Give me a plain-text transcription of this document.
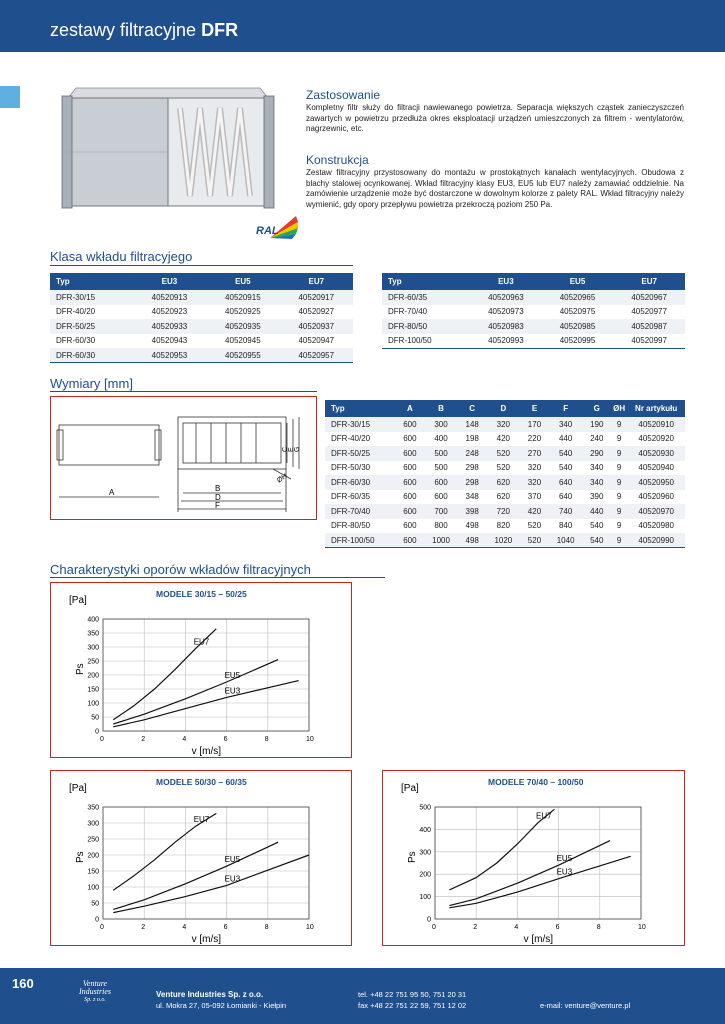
zestawy filtracyjne DFR
RAL
Zastosowanie
Kompletny filtr służy do filtracji nawiewanego powietrza. Separacja większych cząstek zanieczyszczeń zawartych w powietrzu przedłuża okres eksploatacji urządzeń umieszczonych za filtrem - wentylatorów, nagrzewnic, etc.
Konstrukcja
Zestaw filtracyjny przystosowany do montażu w prostokątnych kanałach wentylacyjnych. Obudowa z blachy stalowej ocynkowanej. Wkład filtracyjny klasy EU3, EU5 lub EU7 należy zamawiać oddzielnie. Na zamówienie urządzenie może być dostarczone w dowolnym kolorze z palety RAL. Wkład filtracyjny należy wymienić, gdy opory przepływu powietrza przekroczą poziom 250 Pa.
Klasa wkładu filtracyjego
Typ	EU3	EU5	EU7
DFR-30/15	40520913	40520915	40520917
DFR-40/20	40520923	40520925	40520927
DFR-50/25	40520933	40520935	40520937
DFR-60/30	40520943	40520945	40520947
DFR-60/30	40520953	40520955	40520957
Typ	EU3	EU5	EU7
DFR-60/35	40520963	40520965	40520967
DFR-70/40	40520973	40520975	40520977
DFR-80/50	40520983	40520985	40520987
DFR-100/50	40520993	40520995	40520997
Wymiary [mm]
A	B
D
F
C E G
ØH
Typ	A	B	C	D	E	F	G	ØH	Nr artykułu
DFR-30/15	600	300	148	320	170	340	190	9	40520910
DFR-40/20	600	400	198	420	220	440	240	9	40520920
DFR-50/25	600	500	248	520	270	540	290	9	40520930
DFR-50/30	600	500	298	520	320	540	340	9	40520940
DFR-60/30	600	600	298	620	320	640	340	9	40520950
DFR-60/35	600	600	348	620	370	640	390	9	40520960
DFR-70/40	600	700	398	720	420	740	440	9	40520970
DFR-80/50	600	800	498	820	520	840	540	9	40520980
DFR-100/50	600	1000	498	1020	520	1040	540	9	40520990
Charakterystyki oporów wkładów filtracyjnych
MODELE 30/15 – 50/25
[Pa]
Ps
v [m/s]
0	2	4	6	8	10
0
50
100
150
200
250
300
350
400
EU7
EU5
EU3
MODELE 50/30 – 60/35
[Pa]
Ps
v [m/s]
0	2	4	6	8	10
0
50
100
150
200
250
300
350
EU7
EU5
EU3
MODELE 70/40 – 100/50
[Pa]
Ps
v [m/s]
0	2	4	6	8	10
0
100
200
300
400
500
EU7
EU5
EU3
160	Venture
Industries
Sp. z o.o.
Venture Industries Sp. z o.o.
ul. Mokra 27, 05-092 Łomianki - Kiełpin
tel. +48 22 751 95 50, 751 20 31
fax +48 22 751 22 59, 751 12 02	e-mail: venture@venture.pl
